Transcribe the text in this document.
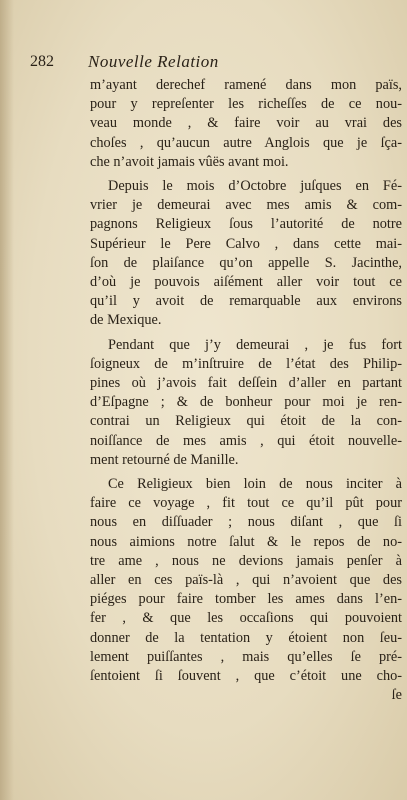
282 Nouvelle Relation
m’ayant derechef ramené dans mon païs,
pour y repreſenter les richeſſes de ce nou-
veau monde , & faire voir au vrai des
choſes , qu’aucun autre Anglois que je ſça-
che n’avoit jamais vûës avant moi.
Depuis le mois d’Octobre juſques en Fé-
vrier je demeurai avec mes amis & com-
pagnons Religieux ſous l’autorité de notre
Supérieur le Pere Calvo , dans cette mai-
ſon de plaiſance qu’on appelle S. Jacinthe,
d’où je pouvois aiſément aller voir tout ce
qu’il y avoit de remarquable aux environs
de Mexique.
Pendant que j’y demeurai , je fus fort
ſoigneux de m’inſtruire de l’état des Philip-
pines où j’avois fait deſſein d’aller en partant
d’Eſpagne ; & de bonheur pour moi je ren-
contrai un Religieux qui étoit de la con-
noiſſance de mes amis , qui étoit nouvelle-
ment retourné de Manille.
Ce Religieux bien loin de nous inciter à
faire ce voyage , fit tout ce qu’il pût pour
nous en diſſuader ; nous diſant , que ſi
nous aimions notre ſalut & le repos de no-
tre ame , nous ne devions jamais penſer à
aller en ces païs-là , qui n’avoient que des
piéges pour faire tomber les ames dans l’en-
fer , & que les occaſions qui pouvoient
donner de la tentation y étoient non ſeu-
lement puiſſantes , mais qu’elles ſe pré-
ſentoient ſi ſouvent , que c’étoit une cho-
ſe
